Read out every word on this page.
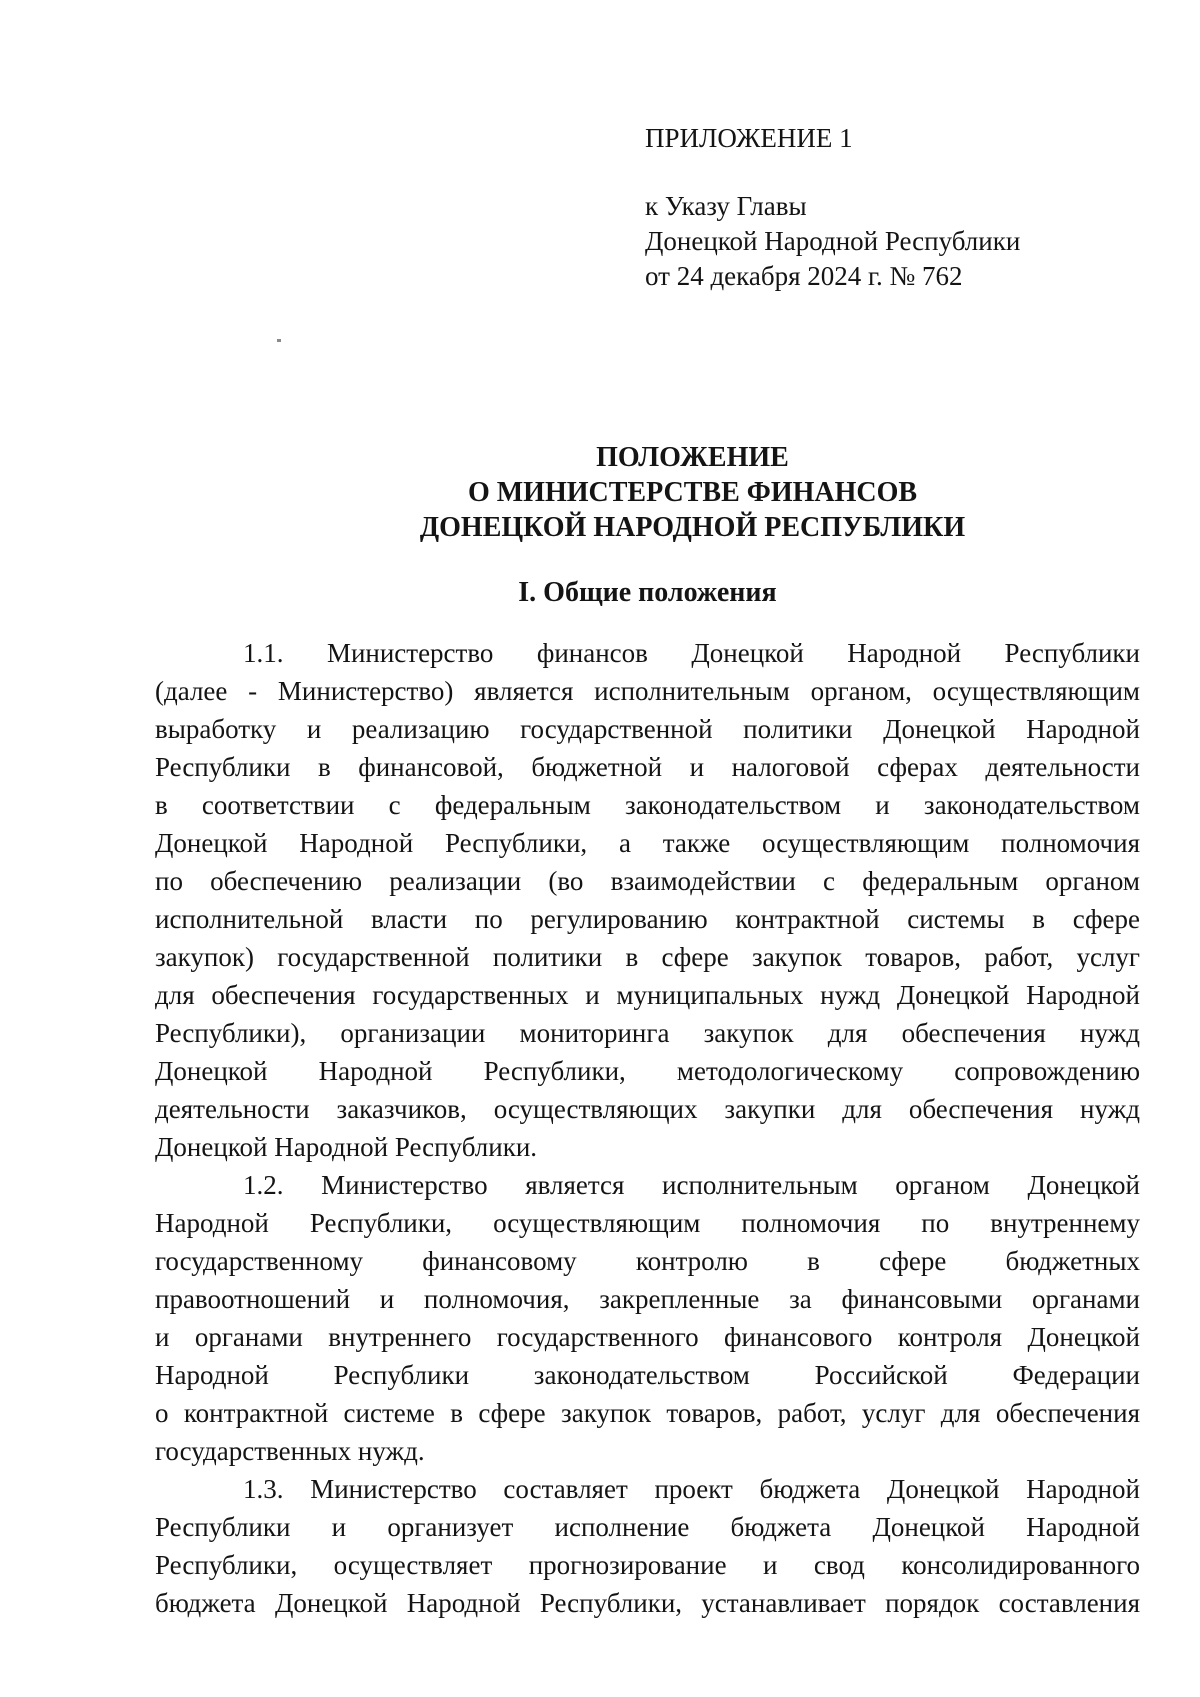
ПРИЛОЖЕНИЕ 1
к Указу Главы
Донецкой Народной Республики
от 24 декабря 2024 г. № 762
ПОЛОЖЕНИЕ
О МИНИСТЕРСТВЕ ФИНАНСОВ
ДОНЕЦКОЙ НАРОДНОЙ РЕСПУБЛИКИ
I. Общие положения
1.1. Министерство финансов Донецкой Народной Республики
(далее - Министерство) является исполнительным органом, осуществляющим
выработку и реализацию государственной политики Донецкой Народной
Республики в финансовой, бюджетной и налоговой сферах деятельности
в соответствии с федеральным законодательством и законодательством
Донецкой Народной Республики, а также осуществляющим полномочия
по обеспечению реализации (во взаимодействии с федеральным органом
исполнительной власти по регулированию контрактной системы в сфере
закупок) государственной политики в сфере закупок товаров, работ, услуг
для обеспечения государственных и муниципальных нужд Донецкой Народной
Республики), организации мониторинга закупок для обеспечения нужд
Донецкой Народной Республики, методологическому сопровождению
деятельности заказчиков, осуществляющих закупки для обеспечения нужд
Донецкой Народной Республики.
1.2. Министерство является исполнительным органом Донецкой
Народной Республики, осуществляющим полномочия по внутреннему
государственному финансовому контролю в сфере бюджетных
правоотношений и полномочия, закрепленные за финансовыми органами
и органами внутреннего государственного финансового контроля Донецкой
Народной Республики законодательством Российской Федерации
о контрактной системе в сфере закупок товаров, работ, услуг для обеспечения
государственных нужд.
1.3. Министерство составляет проект бюджета Донецкой Народной
Республики и организует исполнение бюджета Донецкой Народной
Республики, осуществляет прогнозирование и свод консолидированного
бюджета Донецкой Народной Республики, устанавливает порядок составления
